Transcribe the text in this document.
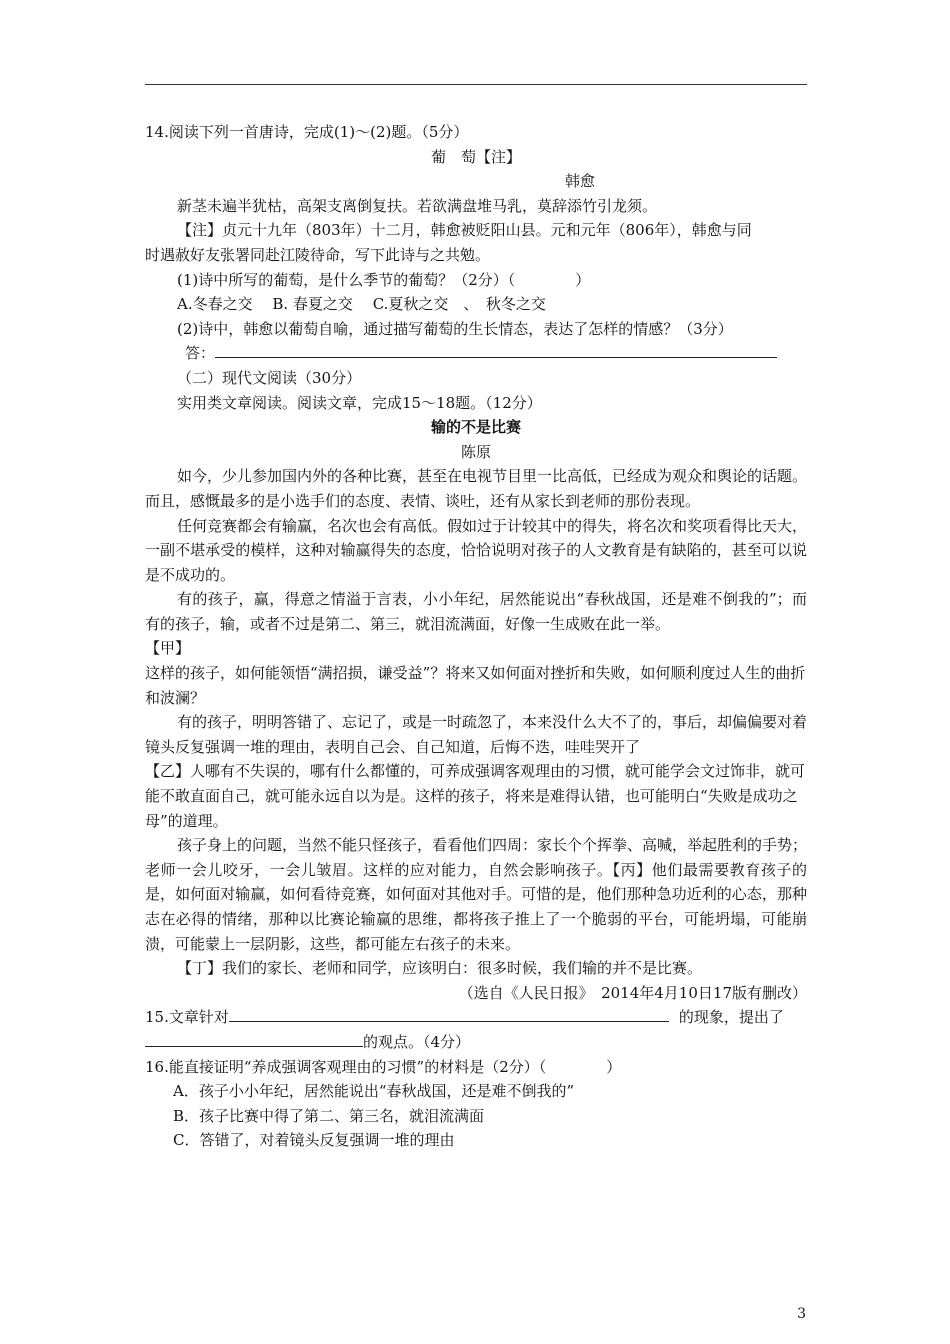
14.阅读下列一首唐诗，完成(1)～(2)题。（5分）
葡　萄【注】
韩愈
新茎未遍半犹枯，高架支离倒复扶。若欲满盘堆马乳，莫辞添竹引龙须。
【注】贞元十九年（803年）十二月，韩愈被贬阳山县。元和元年（806年），韩愈与同
时遇赦好友张署同赴江陵待命，写下此诗与之共勉。
(1)诗中所写的葡萄，是什么季节的葡萄？（2分）（　　　　）
A.冬春之交　 B. 春夏之交　 C.夏秋之交　、　秋冬之交
(2)诗中，韩愈以葡萄自喻，通过描写葡萄的生长情态，表达了怎样的情感？（3分）
答：
（二）现代文阅读（30分）
实用类文章阅读。阅读文章，完成15～18题。（12分）
输的不是比赛
陈原
如今，少儿参加国内外的各种比赛，甚至在电视节目里一比高低，已经成为观众和舆论的话题。而且，感慨最多的是小选手们的态度、表情、谈吐，还有从家长到老师的那份表现。
任何竞赛都会有输赢，名次也会有高低。假如过于计较其中的得失，将名次和奖项看得比天大，一副不堪承受的模样，这种对输赢得失的态度，恰恰说明对孩子的人文教育是有缺陷的，甚至可以说是不成功的。
有的孩子，赢，得意之情溢于言表，小小年纪，居然能说出“春秋战国，还是难不倒我的”；而有的孩子，输，或者不过是第二、第三，就泪流满面，好像一生成败在此一举。
【甲】
这样的孩子，如何能领悟“满招损，谦受益”？将来又如何面对挫折和失败，如何顺利度过人生的曲折和波澜？
有的孩子，明明答错了、忘记了，或是一时疏忽了，本来没什么大不了的，事后，却偏偏要对着镜头反复强调一堆的理由，表明自己会、自己知道，后悔不迭，哇哇哭开了
【乙】人哪有不失误的，哪有什么都懂的，可养成强调客观理由的习惯，就可能学会文过饰非，就可能不敢直面自己，就可能永远自以为是。这样的孩子，将来是难得认错，也可能明白“失败是成功之母”的道理。
孩子身上的问题，当然不能只怪孩子，看看他们四周：家长个个挥拳、高喊，举起胜利的手势；老师一会儿咬牙，一会儿皱眉。这样的应对能力，自然会影响孩子。【丙】他们最需要教育孩子的是，如何面对输赢，如何看待竞赛，如何面对其他对手。可惜的是，他们那种急功近利的心态，那种志在必得的情绪，那种以比赛论输赢的思维，都将孩子推上了一个脆弱的平台，可能坍塌，可能崩溃，可能蒙上一层阴影，这些，都可能左右孩子的未来。
【丁】我们的家长、老师和同学，应该明白：很多时候，我们输的并不是比赛。
（选自《人民日报》　2014年4月10日17版有删改）
15.文章针对	的现象，提出了
的观点。（4分）
16.能直接证明“养成强调客观理由的习惯”的材料是（2分）（　　　　）
A．孩子小小年纪，居然能说出“春秋战国，还是难不倒我的”
B．孩子比赛中得了第二、第三名，就泪流满面
C．答错了，对着镜头反复强调一堆的理由
3
